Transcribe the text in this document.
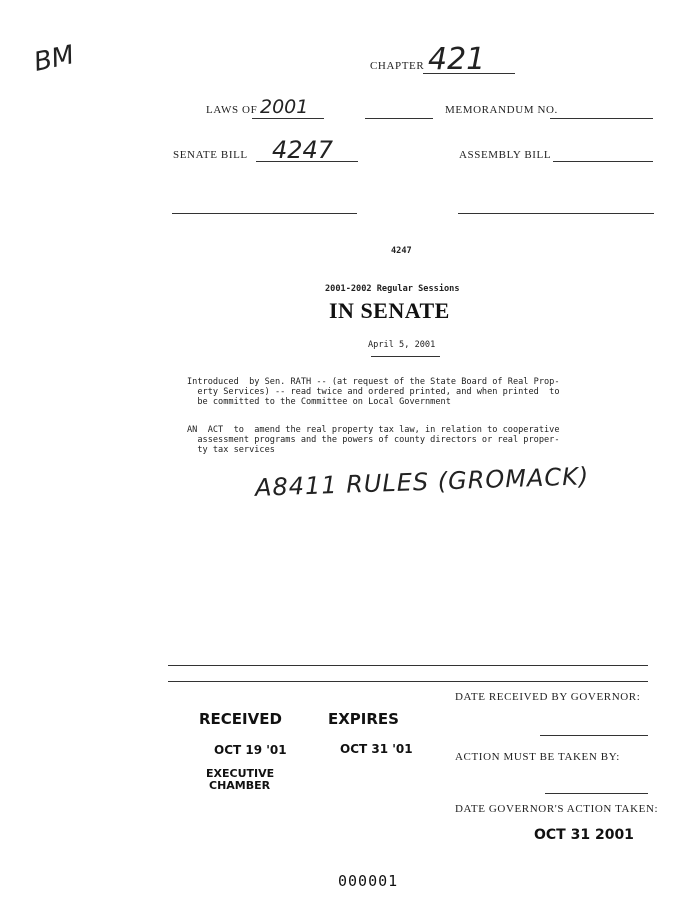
BM	CHAPTER 421
LAWS OF 2001	MEMORANDUM NO.
SENATE BILL 4247	ASSEMBLY BILL
4247
2001-2002 Regular Sessions
IN SENATE
April 5, 2001
Introduced  by Sen. RATH -- (at request of the State Board of Real Prop-
erty Services) -- read twice and ordered printed, and when printed  to
be committed to the Committee on Local Government
AN  ACT  to  amend the real property tax law, in relation to cooperative
assessment programs and the powers of county directors or real proper-
ty tax services
A8411 RULES (GROMACK)
RECEIVED	EXPIRES
OCT 19 '01	OCT 31 '01
EXECUTIVE
CHAMBER
DATE RECEIVED BY GOVERNOR:
ACTION MUST BE TAKEN BY:
DATE GOVERNOR'S ACTION TAKEN:
OCT 31 2001
000001
